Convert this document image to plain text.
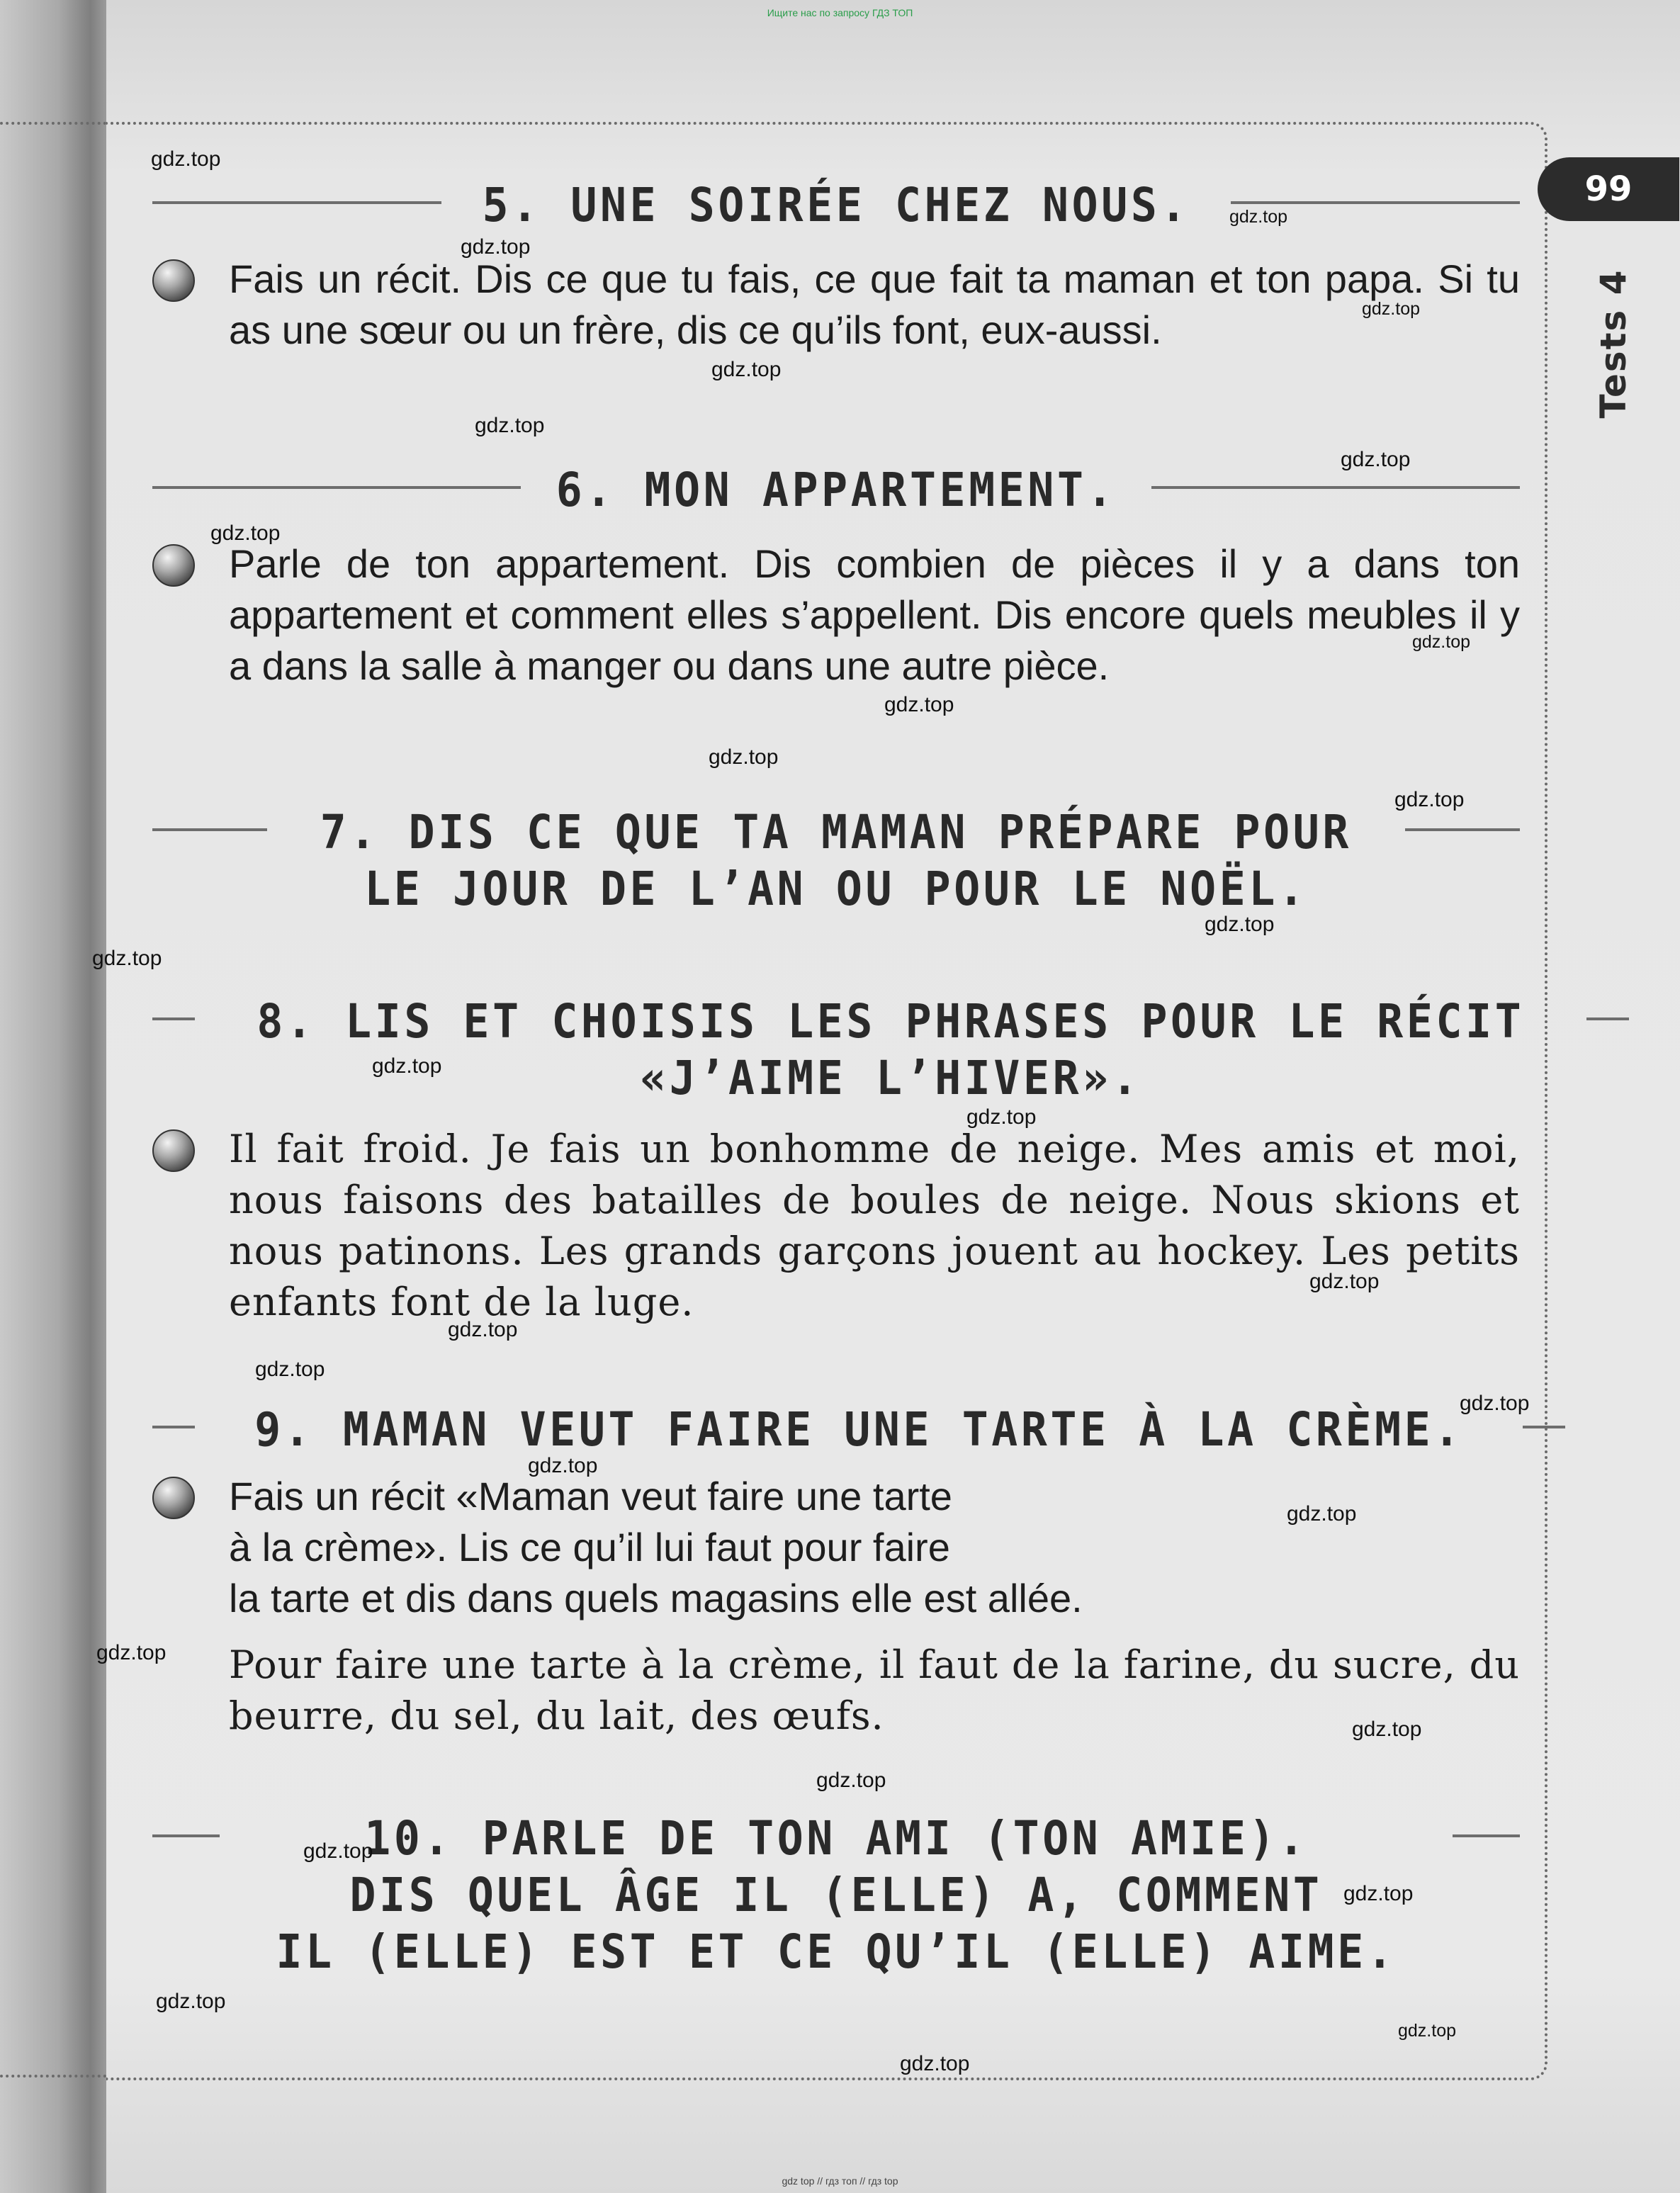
Ищите нас по запросу ГДЗ ТОП
99
Tests 4
5. UNE SOIRÉE CHEZ NOUS.
Fais un récit. Dis ce que tu fais, ce que fait ta maman et ton papa. Si tu as une sœur ou un frère, dis ce qu’ils font, eux-aussi.
6. MON APPARTEMENT.
Parle de ton appartement. Dis combien de pièces il y a dans ton appartement et comment elles s’appellent. Dis encore quels meubles il y a dans la salle à manger ou dans une autre pièce.
7. DIS CE QUE TA MAMAN PRÉPARE POUR
LE JOUR DE L’AN OU POUR LE NOËL.
8. LIS ET CHOISIS LES PHRASES POUR LE RÉCIT
«J’AIME L’HIVER».
Il fait froid. Je fais un bonhomme de neige. Mes amis et moi, nous faisons des batailles de boules de neige. Nous skions et nous patinons. Les grands garçons jouent au hockey. Les petits enfants font de la luge.
9. MAMAN VEUT FAIRE UNE TARTE À LA CRÈME.
Fais un récit «Maman veut faire une tarte
à la crème». Lis ce qu’il lui faut pour faire
la tarte et dis dans quels magasins elle est allée.
Pour faire une tarte à la crème, il faut de la farine, du sucre, du beurre, du sel, du lait, des œufs.
10. PARLE DE TON AMI (TON AMIE).
DIS QUEL ÂGE IL (ELLE) A, COMMENT
IL (ELLE) EST ET CE QU’IL (ELLE) AIME.
gdz.top
gdz.top
gdz.top
gdz.top
gdz.top
gdz.top
gdz.top
gdz.top
gdz.top
gdz.top
gdz.top
gdz.top
gdz.top
gdz.top
gdz.top
gdz.top
gdz.top
gdz.top
gdz.top
gdz.top
gdz.top
gdz.top
gdz.top
gdz.top
gdz.top
gdz.top
gdz.top
gdz.top
gdz.top
gdz.top
gdz top // гдз топ // гдз top
